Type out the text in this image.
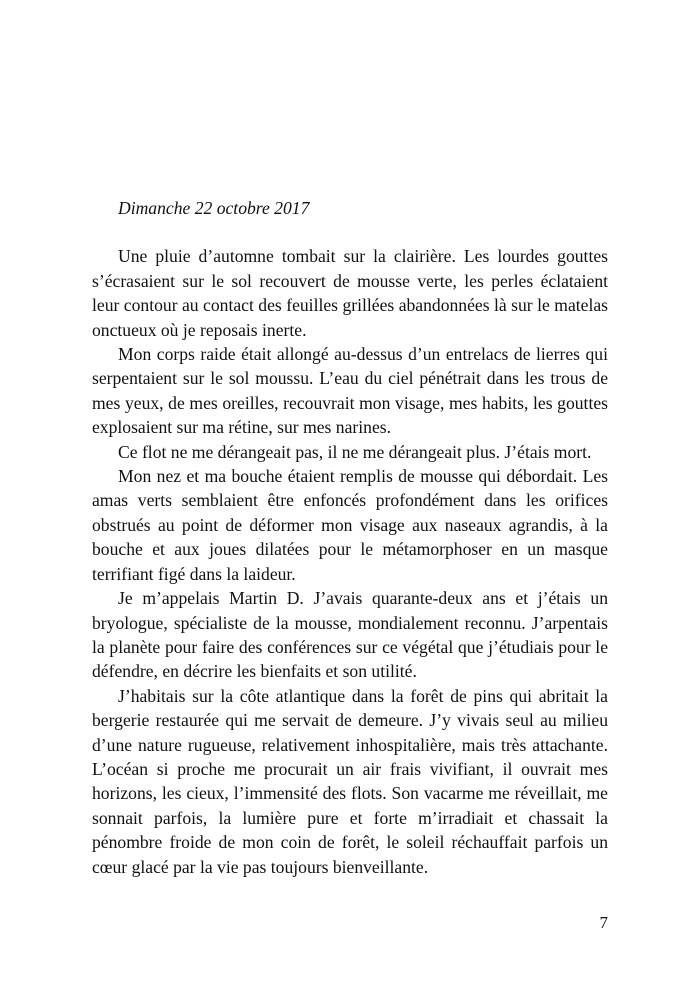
Dimanche 22 octobre 2017

Une pluie d’automne tombait sur la clairière. Les lourdes gouttes s’écrasaient sur le sol recouvert de mousse verte, les perles éclataient leur contour au contact des feuilles grillées abandonnées là sur le matelas onctueux où je reposais inerte.

Mon corps raide était allongé au-dessus d’un entrelacs de lierres qui serpentaient sur le sol moussu. L’eau du ciel pénétrait dans les trous de mes yeux, de mes oreilles, recouvrait mon visage, mes habits, les gouttes explosaient sur ma rétine, sur mes narines.

Ce flot ne me dérangeait pas, il ne me dérangeait plus. J’étais mort.

Mon nez et ma bouche étaient remplis de mousse qui débordait. Les amas verts semblaient être enfoncés profondément dans les orifices obstrués au point de déformer mon visage aux naseaux agrandis, à la bouche et aux joues dilatées pour le métamorphoser en un masque terrifiant figé dans la laideur.

Je m’appelais Martin D. J’avais quarante-deux ans et j’étais un bryologue, spécialiste de la mousse, mondialement reconnu. J’arpentais la planète pour faire des conférences sur ce végétal que j’étudiais pour le défendre, en décrire les bienfaits et son utilité.

J’habitais sur la côte atlantique dans la forêt de pins qui abritait la bergerie restaurée qui me servait de demeure. J’y vivais seul au milieu d’une nature rugueuse, relativement inhospitalière, mais très attachante. L’océan si proche me procurait un air frais vivifiant, il ouvrait mes horizons, les cieux, l’immensité des flots. Son vacarme me réveillait, me sonnait parfois, la lumière pure et forte m’irradiait et chassait la pénombre froide de mon coin de forêt, le soleil réchauffait parfois un cœur glacé par la vie pas toujours bienveillante.

7
